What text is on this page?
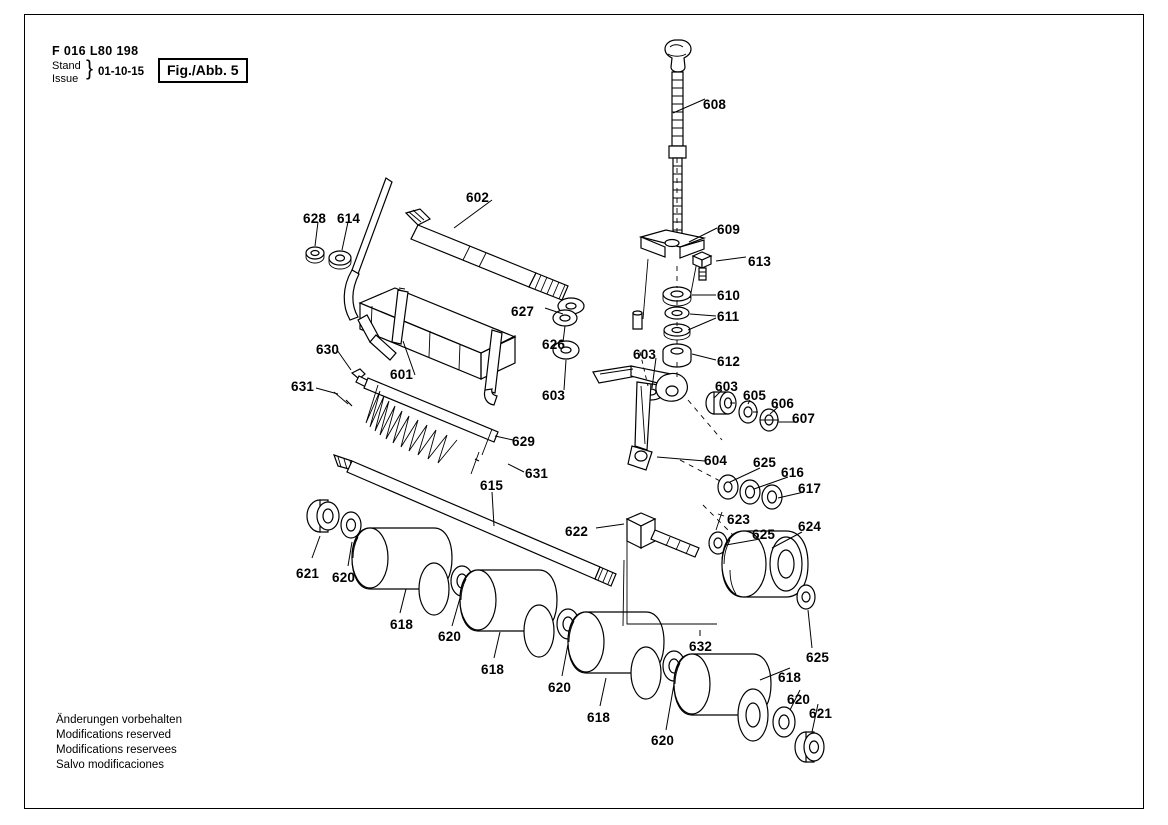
F 016 L80 198
Stand
Issue } 01-10-15	Fig./Abb. 5
Änderungen vorbehalten
Modifications reserved
Modifications reservees
Salvo modificaciones
608
602
628 614
609
613
627
610
611
626
630
612
603
601
631
603
603
605
606
607
629
604 625
616
631
615	617
623
622	625
624
621 620
618
620
632
625
618
620
618
618
620
620
621
